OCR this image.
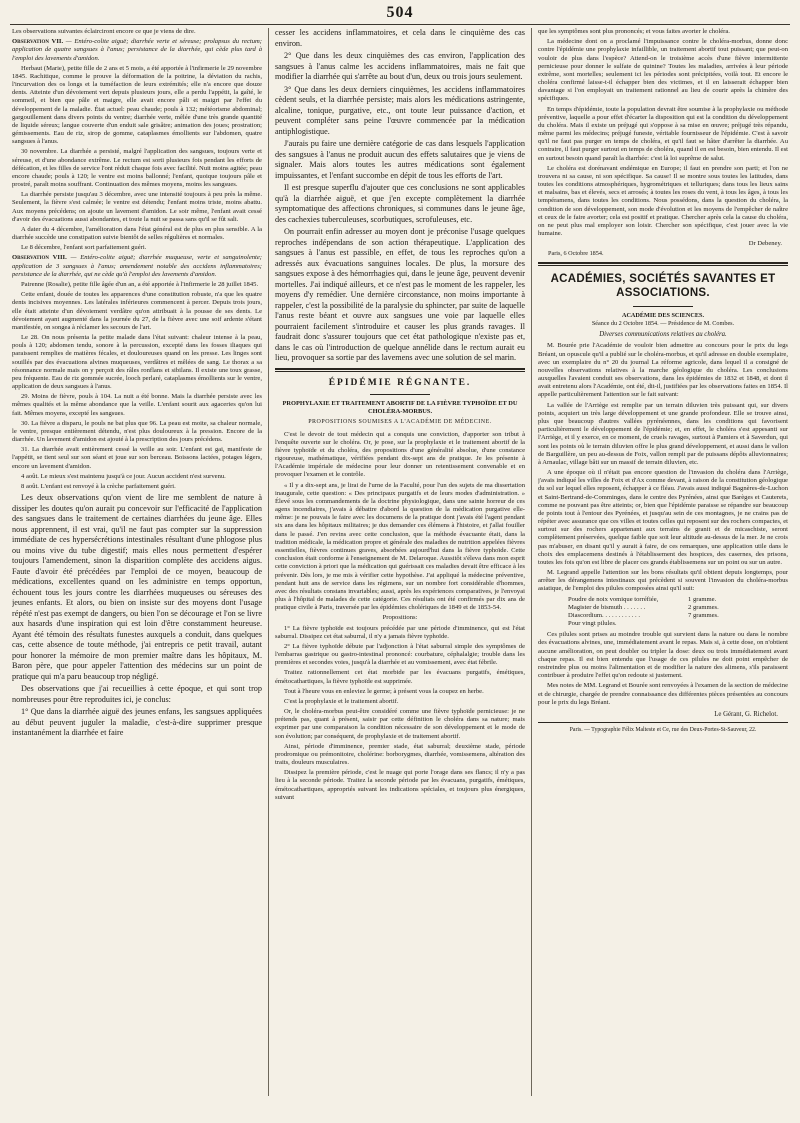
504

Les observations suivantes éclairciront encore ce que je viens de dire.

Observation VII. — Entéro-colite aiguë; diarrhée verte et séreuse; prolapsus du rectum; application de quatre sangsues à l'anus; persistance de la diarrhée, qui cède plus tard à l'emploi des lavements d'amidon.

Herbaut (Marie), petite fille de 2 ans et 5 mois, a été apportée à l'infirmerie le 29 novembre 1845. Rachitique, comme le prouve la déformation de la poitrine, la déviation du rachis, l'incurvation des os longs et la tuméfaction de leurs extrémités; elle n'a encore que douze dents. Atteinte d'un dévoiement vert depuis plusieurs jours, elle a perdu l'appétit, la gaîté, le sommeil, et bien que pâle et maigre, elle avait encore pâli et maigri par l'effet du développement de la maladie. État actuel: peau chaude; pouls à 132; météorisme abdominal; gargouillement dans divers points du ventre; diarrhée verte, mêlée d'une très grande quantité de liquide séreux; langue couverte d'un enduit sale grisâtre; animation des joues; prostration; gémissements. Eau de riz, sirop de gomme, cataplasmes émollients sur l'abdomen, quatre sangsues à l'anus.

30 novembre. La diarrhée a persisté, malgré l'application des sangsues, toujours verte et séreuse, et d'une abondance extrême. Le rectum est sorti plusieurs fois pendant les efforts de défécation, et les filles de service l'ont réduit chaque fois avec facilité. Nuit moins agitée; peau encore chaude; pouls à 120; le ventre est moins ballonné; l'enfant, quoique toujours pâle et prostré, paraît moins souffrant. Continuation des mêmes moyens, moins les sangsues.

La diarrhée persiste jusqu'au 3 décembre, avec une intensité toujours à peu près la même. Seulement, la fièvre s'est calmée; le ventre est détendu; l'enfant moins triste, moins abattu. Aux moyens précédens; on ajoute un lavement d'amidon. Le soir même, l'enfant avait cessé d'avoir des évacuations aussi abondantes, et toute la nuit se passa sans qu'il se fût sali.

A dater du 4 décembre, l'amélioration dans l'état général est de plus en plus sensible. A la diarrhée succède une constipation suivie bientôt de selles régulières et normales.

Le 8 décembre, l'enfant sort parfaitement guéri.

Observation VIII. — Entéro-colite aiguë; diarrhée muqueuse, verte et sanguinolente; application de 3 sangsues à l'anus; amendement notable des accidens inflammatoires; persistance de la diarrhée, qui ne cède qu'à l'emploi des lavements d'amidon.

Pairenne (Rosalie), petite fille âgée d'un an, a été apportée à l'infirmerie le 28 juillet 1845.

Cette enfant, douée de toutes les apparences d'une constitution robuste, n'a que les quatre dents incisives moyennes. Les latérales inférieures commencent à percer. Depuis trois jours, elle était atteinte d'un dévoiement verdâtre qu'on attribuait à la pousse de ses dents. Le dévoiement ayant augmenté dans la journée du 27, de la fièvre avec une soif ardente s'étant manifestée, on songea à réclamer les secours de l'art.

Le 28. On nous présenta la petite malade dans l'état suivant: chaleur intense à la peau, pouls à 120; abdomen tendu, sonore à la percussion, excepté dans les fosses iliaques qui paraissent remplies de matières fécales, et douloureuses quand on les presse. Les linges sont souillés par des évacuations alvines muqueuses, verdâtres et mêlées de sang. Le thorax a sa résonnance normale mais on y perçoit des râles ronflans et sibilans. Il existe une toux grasse, peu fréquente. Eau de riz gommée sucrée, looch perlaré, cataplasmes émollients sur le ventre, application de deux sangsues à l'anus.

29. Moins de fièvre, pouls à 104. La nuit a été bonne. Mais la diarrhée persiste avec les mêmes qualités et la même abondance que la veille. L'enfant sourit aux agaceries qu'on lui fait. Mêmes moyens, excepté les sangsues.

30. La fièvre a disparu, le pouls ne bat plus que 96. La peau est moite, sa chaleur normale, le ventre, presque entièrement détendu, n'est plus douloureux à la pression. Encore de la diarrhée. Un lavement d'amidon est ajouté à la prescription des jours précédens.

31. La diarrhée avait entièrement cessé la veille au soir. L'enfant est gai, manifeste de l'appétit, se tient seul sur son séant et joue sur son berceau. Boissons lactées, potages légers, encore un lavement d'amidon.

4 août. Le mieux s'est maintenu jusqu'à ce jour. Aucun accident n'est survenu.

8 août. L'enfant est renvoyé à la crèche parfaitement guéri.

Les deux observations qu'on vient de lire me semblent de nature à dissiper les doutes qu'on aurait pu concevoir sur l'efficacité de l'application des sangsues dans le traitement de certaines diarrhées du jeune âge. Elles nous apprennent, il est vrai, qu'il ne faut pas compter sur la suppression immédiate de ces hypersécrétions intestinales résultant d'une phlogose plus ou moins vive du tube digestif; mais elles nous permettent d'espérer toujours l'amendement, sinon la disparition complète des accidens aigus. Faute d'avoir été précédées par l'emploi de ce moyen, beaucoup de médications, excellentes quand on les administre en temps opportun, échouent tous les jours contre les diarrhées muqueuses ou séreuses des jeunes enfants. Et alors, ou bien on insiste sur des moyens dont l'usage répété n'est pas exempt de dangers, ou bien l'on se décourage et l'on se livre aux hasards d'une inspiration qui est loin d'être constamment heureuse. Ayant été témoin des résultats funestes auxquels a conduit, dans quelques cas, cette absence de toute méthode, j'ai entrepris ce petit travail, autant pour honorer la mémoire de mon premier maître dans les hôpitaux, M. Baron père, que pour appeler l'attention des médecins sur un point de pratique qui m'a paru beaucoup trop négligé.

Des observations que j'ai recueillies à cette époque, et qui sont trop nombreuses pour être reproduites ici, je conclus:

1° Que dans la diarrhée aiguë des jeunes enfans, les sangsues appliquées au début peuvent juguler la maladie, c'est-à-dire supprimer presque instantanément la diarrhée et faire

cesser les accidens inflammatoires, et cela dans le cinquième des cas environ.

2° Que dans les deux cinquièmes des cas environ, l'application des sangsues à l'anus calme les accidens inflammatoires, mais ne fait que modifier la diarrhée qui s'arrête au bout d'un, deux ou trois jours seulement.

3° Que dans les deux derniers cinquièmes, les accidens inflammatoires cèdent seuls, et la diarrhée persiste; mais alors les médications astringente, alcaline, tonique, purgative, etc., ont toute leur puissance d'action, et peuvent compléter sans peine l'œuvre commencée par la médication antiphlogistique.

J'aurais pu faire une dernière catégorie de cas dans lesquels l'application des sangsues à l'anus ne produit aucun des effets salutaires que je viens de signaler. Mais alors toutes les autres médications sont également impuissantes, et l'enfant succombe en dépit de tous les efforts de l'art.

Il est presque superflu d'ajouter que ces conclusions ne sont applicables qu'à la diarrhée aiguë, et que j'en excepte complètement la diarrhée symptomatique des affections chroniques, si communes dans le jeune âge, des cachexies tuberculeuses, scorbutiques, scrofuleuses, etc.

On pourrait enfin adresser au moyen dont je préconise l'usage quelques reproches indépendans de son action thérapeutique. L'application des sangsues à l'anus est passible, en effet, de tous les reproches qu'on a adressés aux évacuations sanguines locales. De plus, la morsure des sangsues expose à des hémorrhagies qui, dans le jeune âge, peuvent devenir mortelles. J'ai indiqué ailleurs, et ce n'est pas le moment de les rappeler, les moyens d'y remédier. Une dernière circonstance, non moins importante à rappeler, c'est la possibilité de la paralysie du sphincter, par suite de laquelle l'anus reste béant et ouvre aux sangsues une voie par laquelle elles pourraient facilement s'introduire et causer les plus grands ravages. Il faudrait donc s'assurer toujours que cet état pathologique n'existe pas et, dans le cas où l'introduction de quelque annélide dans le rectum aurait eu lieu, provoquer sa sortie par des lavemens avec une solution de sel marin.

ÉPIDÉMIE RÉGNANTE.
PROPHYLAXIE ET TRAITEMENT ABORTIF DE LA FIÈVRE TYPHOÏDE ET DU CHOLÉRA-MORBUS.
PROPOSITIONS SOUMISES A L'ACADÉMIE DE MÉDECINE.

C'est le devoir de tout médecin qui a conquis une conviction, d'apporter son tribut à l'enquête ouverte sur le choléra. Or, je pose, sur la prophylaxie et le traitement abortif de la fièvre typhoïde et du choléra, des propositions d'une généralité absolue, d'une constance rigoureuse, mathématique, vérifiées pendant dix-sept ans de pratique. Je les présente à l'Académie impériale de médecine pour leur donner un retentissement convenable et en provoquer l'examen et le contrôle.

« Il y a dix-sept ans, je lirai de l'urne de la Faculté, pour l'un des sujets de ma dissertation inaugurale, cette question: « Des principaux purgatifs et de leurs modes d'administration. » Élevé sous les commandements de la doctrine physiologique, dans une sainte horreur de ces agens incendiaires, j'avais à débattre d'abord la question de la médication purgative elle-même: je ne pouvais le faire avec les documens de la pratique dont j'avais été l'agent pendant six ans dans les hôpitaux militaires; je dus demander ces élémens à l'histoire, et j'allai fouiller dans le passé. J'en revins avec cette conclusion, que la méthode évacuante était, dans la tradition médicale, la médication propre et générale des maladies de nutrition appelées fièvres essentielles, fièvres continues graves, absorbées aujourd'hui dans la fièvre typhoïde. Cette conclusion était conforme à l'enseignement de M. Delaroque. Aussitôt s'éleva dans mon esprit cette conviction à priori que la médication qui guérissait ces maladies devait être efficace à les prévenir. Dès lors, je me mis à vérifier cette hypothèse. J'ai appliqué la médecine préventive, pendant huit ans de service dans les régimens, sur un nombre fort considérable d'hommes, avec des résultats constans invariables; aussi, après les expériences comparatives, je l'envoyai plus à l'hôpital de malades de cette catégorie. Ces résultats ont été confirmés par dix ans de pratique civile à Paris, traversée par les épidémies cholériques de 1849 et de 1853-54.

Propositions:

1° La fièvre typhoïde est toujours précédée par une période d'imminence, qui est l'état saburral. Dissipez cet état saburral, il n'y a jamais fièvre typhoïde.

2° La fièvre typhoïde débute par l'adjonction à l'état saburral simple des symptômes de l'embarras gastrique ou gastro-intestinal prononcé: courbature, céphalalgie; trouble dans les premières et secondes voies, jusqu'à la diarrhée et au vomissement, avec état fébrile.

Traitez rationnellement cet état morbide par les évacuans purgatifs, émétiques, émétocathartiques, la fièvre typhoïde est supprimée.

Tout à l'heure vous en enleviez le germe; à présent vous la coupez en herbe.

C'est la prophylaxie et le traitement abortif.

Or, le choléra-morbus peut-être considéré comme une fièvre typhoïde pernicieuse: je ne prétends pas, quant à présent, saisir par cette définition le choléra dans sa nature; mais exprimer par une comparaison la condition nécessaire de son développement et le mode de son évolution; par conséquent, de prophylaxie et de traitement abortif.

Ainsi, période d'imminence, premier stade, état saburral; deuxième stade, période prodromique ou prémonitoire, cholérine: borborygmes, diarrhée, vomissemens, altération des traits, douleurs musculaires.

Dissipez la première période, c'est le nuage qui porte l'orage dans ses flancs; il n'y a pas lieu à la seconde période. Traitez la seconde période par les évacuans, purgatifs, émétiques, émétocathartiques, appropriés suivant les indications spéciales, et toujours plus énergiques, suivant

que les symptômes sont plus prononcés; et vous faites avorter le choléra.

La médecine dont on a proclamé l'impuissance contre le choléra-morbus, donne donc contre l'épidémie une prophylaxie infaillible, un traitement abortif tout puissant; que peut-on vouloir de plus dans l'espèce? Attend-on le troisième accès d'une fièvre intermittente pernicieuse pour donner le sulfate de quinine? Toutes les maladies, arrivées à leur période extrême, sont mortelles; seulement ici les périodes sont précipitées, voilà tout. Et encore le choléra confirmé laisse-t-il échapper bien des victimes, et il en laisserait échapper bien davantage si l'on employait un traitement rationnel au lieu de courir après la chimère des spécifiques.

En temps d'épidémie, toute la population devrait être soumise à la prophylaxie ou méthode préventive, laquelle a pour effet d'écarter la disposition qui est la condition du développement du choléra. Mais il existe un préjugé qui s'oppose à sa mise en œuvre; préjugé très répandu, même parmi les médecins; préjugé funeste, véritable fournisseur de l'épidémie. C'est à savoir qu'il ne faut pas purger en temps de choléra, et qu'il faut se hâter d'arrêter la diarrhée. Au contraire, il faut purger surtout en temps de choléra, quand il en est besoin, bien entendu. Il est en surtout besoin quand paraît la diarrhée: c'est là loi suprême de salut.

Le choléra est dorénavant endémique en Europe; il faut en prendre son parti; et l'on ne trouvera ni sa cause, ni son spécifique. Sa cause! Il se montre sous toutes les latitudes, dans toutes les conditions atmosphériques, hygrométriques et telluriques; dans tous les lieux sains et malsains, bas et élevés, secs et arrosés; à toutes les roses du vent, à tous les âges, à tous les tempéramens, dans toutes les conditions. Nous possédons, dans la question du choléra, la condition de son développement, son mode d'évolution et les moyens de l'empêcher de naître et ceux de le faire avorter; cela est positif et pratique. Chercher après cela la cause du choléra, on ne peut plus mal employer son loisir. Chercher son spécifique, c'est jouer avec la vie humaine.

Dr Debeney.
Paris, 6 Octobre 1854.
ACADÉMIES, SOCIÉTÉS SAVANTES ET ASSOCIATIONS.
ACADÉMIE DES SCIENCES.
Séance du 2 Octobre 1854. — Présidence de M. Combes.
Diverses communications relatives au choléra.

M. Bourée prie l'Académie de vouloir bien admettre au concours pour le prix du legs Bréant, un opuscule qu'il a publié sur le choléra-morbus, et qu'il adresse en double exemplaire, avec un exemplaire du n° 20 du journal La réforme agricole, dans lequel il a consigné de nouvelles observations relatives à la marche géologique du choléra. Les conclusions auxquelles l'avaient conduit ses observations, dans les épidémies de 1832 et 1848, et dont il avait entretenu alors l'Académie, ont été, dit-il, justifiées par les observations faites en 1854. Il appelle particulièrement l'attention sur le fait suivant:

La vallée de l'Arriège est remplie par un terrain diluvien très puissant qui, sur divers points, acquiert un très large développement et une grande profondeur. Elle se trouve ainsi, plus que beaucoup d'autres vallées pyrénéennes, dans les conditions qui favorisent particulièrement le développement de l'épidémie; et, en effet, le choléra s'est appesanti sur l'Arriège, et il y exerce, en ce moment, de cruels ravages, surtout à Pamiers et à Saverdun, qui sont les points où le terrain diluvien offre le plus grand développement, et aussi dans le vallon de Barguillère, un peu au-dessus de Foix, vallon rempli par de puissans dépôts alluvionnaires; à Arnaulac, village bâti sur un massif de terrain diluvien, etc.

A une époque où il n'était pas encore question de l'invasion du choléra dans l'Arriège, j'avais indiqué les villes de Foix et d'Ax comme devant, à raison de la constitution géologique du sol sur lequel elles reposent, échapper à ce fléau. J'avais aussi indiqué Bagnères-de-Luchon et Saint-Bertrand-de-Comminges, dans le centre des Pyrénées, ainsi que Barèges et Cauterets, comme ne pouvant pas être atteints; or, bien que l'épidémie paraisse se répandre sur beaucoup de points tout à l'entour des Pyrénées, et jusqu'au sein de ces montagnes, je ne crains pas de répéter avec assurance que ces villes et toutes celles qui reposent sur des rochers compactes, et surtout sur des rochers appartenant aux terrains de granit et de micaschiste, seront complètement préservées, quelque faible que soit leur altitude au-dessus de la mer. Je ne crois pas m'abuser, en disant qu'il y aurait à faire, de ces remarques, une application utile dans le choix des emplacemens destinés à l'établissement des hospices, des casernes, des prisons, toutes les fois qu'on est libre de placer ces grands établissemens sur un point ou sur un autre.

M. Legrand appelle l'attention sur les bons résultats qu'il obtient depuis longtemps, pour arrêter les dérangemens intestinaux qui précèdent si souvent l'invasion du choléra-morbus asiatique, de l'emploi des pilules composées ainsi qu'il suit:

Poudre de noix vomique torréfiée,	1 gramme.
Magister de bismuth . . . . . . .	2 grammes.
Diascordium. . . . . . . . . . . .	7 grammes.
Pour vingt pilules.

Ces pilules sont prises au moindre trouble qui survient dans la nature ou dans le nombre des évacuations alvines, une, immédiatement avant le repas. Mais si, à cette dose, on n'obtient aucune amélioration, on peut doubler ou tripler la dose: deux ou trois immédiatement avant chaque repas. Il est bien entendu que l'usage de ces pilules ne doit point empêcher de restreindre plus ou moins l'alimentation et de modifier la nature des alimens, s'ils paraissent contribuer à produire l'effet qu'on redoute si justement.

Mes notes de MM. Legrand et Bourée sont renvoyées à l'examen de la section de médecine et de chirurgie, chargée de prendre connaissance des différentes pièces présentées au concours pour le prix du legs Bréant.

Le Gérant, G. Richelot.
Paris. — Typographie Félix Malteste et Ce, rue des Deux-Portes-St-Sauveur, 22.
